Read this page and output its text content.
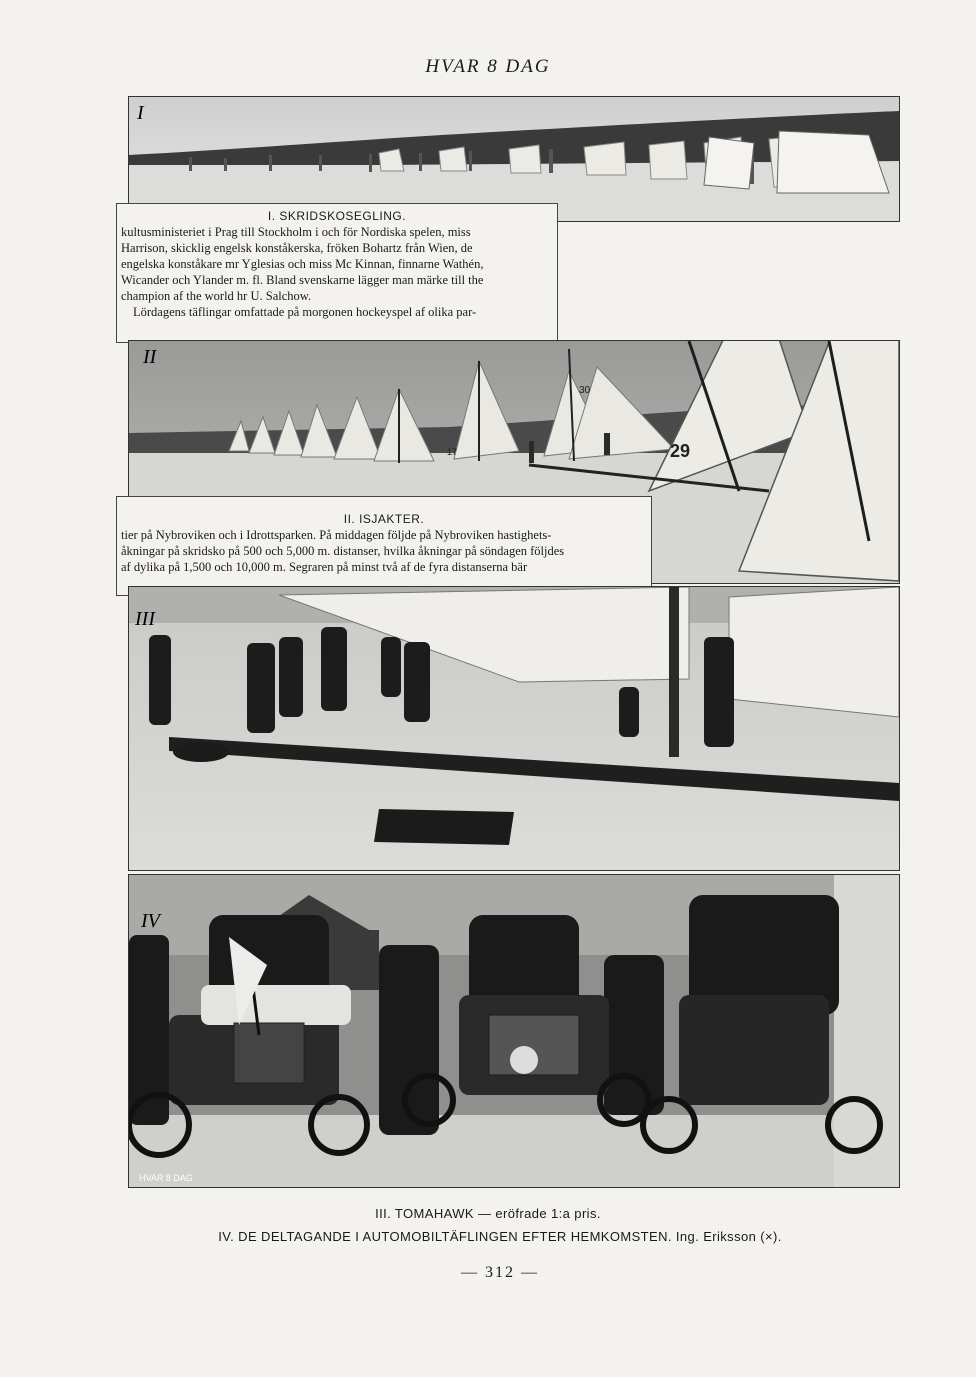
HVAR 8 DAG
I
I. SKRIDSKOSEGLING.
kultusministeriet i Prag till Stockholm i och för Nordiska spelen, miss
Harrison, skicklig engelsk konståkerska, fröken Bohartz från Wien, de
engelska konståkare mr Yglesias och miss Mc Kinnan, finnarne Wathén,
Wicander och Ylander m. fl. Bland svenskarne lägger man märke till the
champion af the world hr U. Salchow.
Lördagens täflingar omfattade på morgonen hockeyspel af olika par-
29
30
17
II
II. ISJAKTER.
tier på Nybroviken och i Idrottsparken. På middagen följde på Nybroviken hastighets-
åkningar på skridsko på 500 och 5,000 m. distanser, hvilka åkningar på söndagen följdes
af dylika på 1,500 och 10,000 m. Segraren på minst två af de fyra distanserna bär
III
IV
HVAR 8 DAG
III. TOMAHAWK — eröfrade 1:a pris.
IV. DE DELTAGANDE I AUTOMOBILTÄFLINGEN EFTER HEMKOMSTEN. Ing. Eriksson (×).
— 312 —
